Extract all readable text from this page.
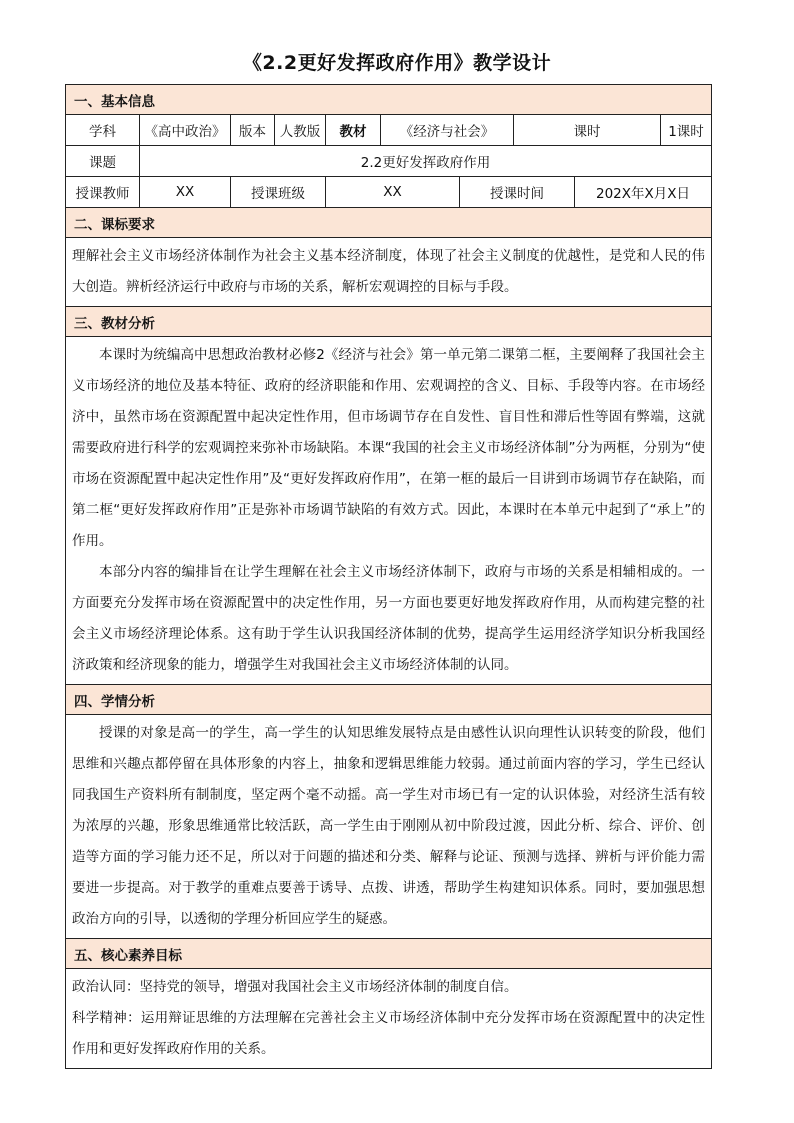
《2.2更好发挥政府作用》教学设计
一、基本信息									
学科	《高中政治》	版本	人教版	教材	《经济与社会》		课时		1课时
课题	2.2更好发挥政府作用								
授课教师	XX	授课班级		XX		授课时间		202X年X月X日	
二、课标要求									
理解社会主义市场经济体制作为社会主义基本经济制度，体现了社会主义制度的优越性，是党和人民的伟大创造。辨析经济运行中政府与市场的关系，解析宏观调控的目标与手段。									
三、教材分析									

本课时为统编高中思想政治教材必修2《经济与社会》第一单元第二课第二框，主要阐释了我国社会主义市场经济的地位及基本特征、政府的经济职能和作用、宏观调控的含义、目标、手段等内容。在市场经济中，虽然市场在资源配置中起决定性作用，但市场调节存在自发性、盲目性和滞后性等固有弊端，这就需要政府进行科学的宏观调控来弥补市场缺陷。本课“我国的社会主义市场经济体制”分为两框，分别为“使市场在资源配置中起决定性作用”及“更好发挥政府作用”，在第一框的最后一目讲到市场调节存在缺陷，而第二框“更好发挥政府作用”正是弥补市场调节缺陷的有效方式。因此，本课时在本单元中起到了“承上”的作用。
本部分内容的编排旨在让学生理解在社会主义市场经济体制下，政府与市场的关系是相辅相成的。一方面要充分发挥市场在资源配置中的决定性作用，另一方面也要更好地发挥政府作用，从而构建完整的社会主义市场经济理论体系。这有助于学生认识我国经济体制的优势，提高学生运用经济学知识分析我国经济政策和经济现象的能力，增强学生对我国社会主义市场经济体制的认同。									

四、学情分析									

授课的对象是高一的学生，高一学生的认知思维发展特点是由感性认识向理性认识转变的阶段，他们思维和兴趣点都停留在具体形象的内容上，抽象和逻辑思维能力较弱。通过前面内容的学习，学生已经认同我国生产资料所有制制度，坚定两个毫不动摇。高一学生对市场已有一定的认识体验，对经济生活有较为浓厚的兴趣，形象思维通常比较活跃，高一学生由于刚刚从初中阶段过渡，因此分析、综合、评价、创造等方面的学习能力还不足，所以对于问题的描述和分类、解释与论证、预测与选择、辨析与评价能力需要进一步提高。对于教学的重难点要善于诱导、点拨、讲透，帮助学生构建知识体系。同时，要加强思想政治方向的引导，以透彻的学理分析回应学生的疑惑。									

五、核心素养目标									

政治认同：坚持党的领导，增强对我国社会主义市场经济体制的制度自信。
科学精神：运用辩证思维的方法理解在完善社会主义市场经济体制中充分发挥市场在资源配置中的决定性作用和更好发挥政府作用的关系。									
